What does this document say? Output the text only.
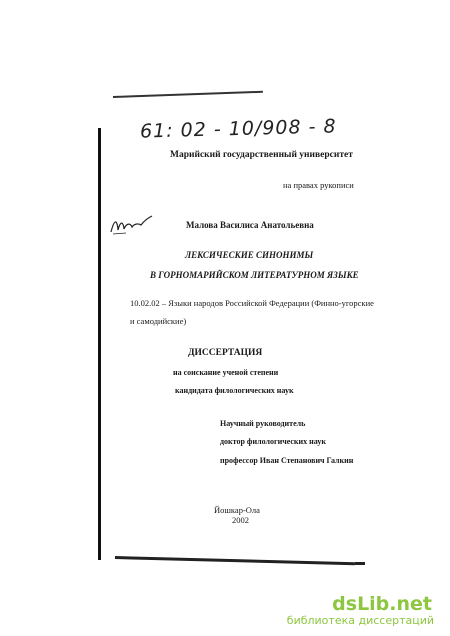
61: 02 - 10/908 - 8
Марийский государственный университет
на правах рукописи
Малова Василиса Анатольевна
ЛЕКСИЧЕСКИЕ СИНОНИМЫ
В ГОРНОМАРИЙСКОМ ЛИТЕРАТУРНОМ ЯЗЫКЕ
10.02.02 – Языки народов Российской Федерации (Финно-угорские
и самодийские)
ДИССЕРТАЦИЯ
на соискание ученой степени
кандидата филологических наук
Научный руководитель
доктор филологических наук
профессор Иван Степанович Галкин
Йошкар-Ола
2002
dsLib.net
библиотека диссертаций
